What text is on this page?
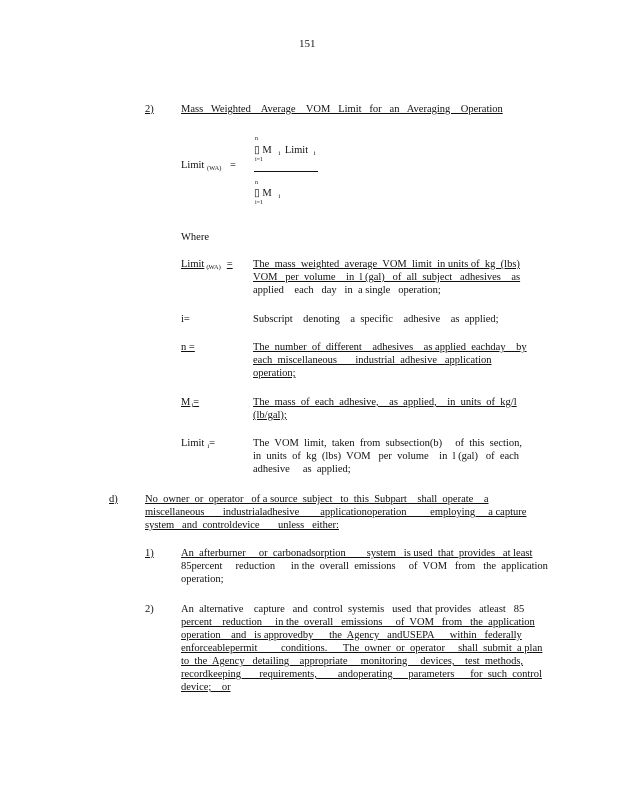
151
2)	Mass   Weighted    Average    VOM   Limit   for   an   Averaging    Operation
Limit $_{(WA)}$ =
n
▯ M $_i$ Limit $_i$
i=1
n
▯ M $_i$
i=1
Where
Limit $_{(WA)}$ = The  mass  weighted  average  VOM  limit  in units of  kg  (lbs)
VOM   per  volume    in  l (gal)   of  all  subject   adhesives    as
applied    each   day   in  a single   operation;
i=	Subscript    denoting    a  specific    adhesive    as  applied;
n =	The  number  of  different    adhesives    as applied  eachday    by
each  miscellaneous       industrial  adhesive   application
operation;
$M_i=$	The  mass  of  each  adhesive,    as  applied,    in  units  of  kg/l
(lb/gal);
Limit $_i$=	The  VOM  limit,  taken  from  subsection(b)     of  this  section,
in  units  of  kg  (lbs)  VOM   per  volume    in  l (gal)   of  each
adhesive     as  applied;
d)	No  owner  or  operator   of a source  subject   to  this  Subpart    shall  operate    a
miscellaneous       industrialadhesive        applicationoperation         employing     a capture
system   and  controldevice       unless   either:
1)	An  afterburner     or  carbonadsorption        system   is used  that  provides   at least
85percent     reduction      in the  overall  emissions     of  VOM   from   the  application
operation;
2)	An  alternative    capture   and  control  systemis   used  that provides   atleast   85
percent    reduction     in the  overall   emissions     of  VOM   from   the  application
operation    and   is approvedby      the  Agency   andUSEPA      within   federally
enforceablepermit         conditions.      The  owner  or  operator     shall  submit  a plan
to  the  Agency   detailing    appropriate     monitoring     devices,    test  methods,
recordkeeping       requirements,        andoperating      parameters      for  such  control
device;    or
